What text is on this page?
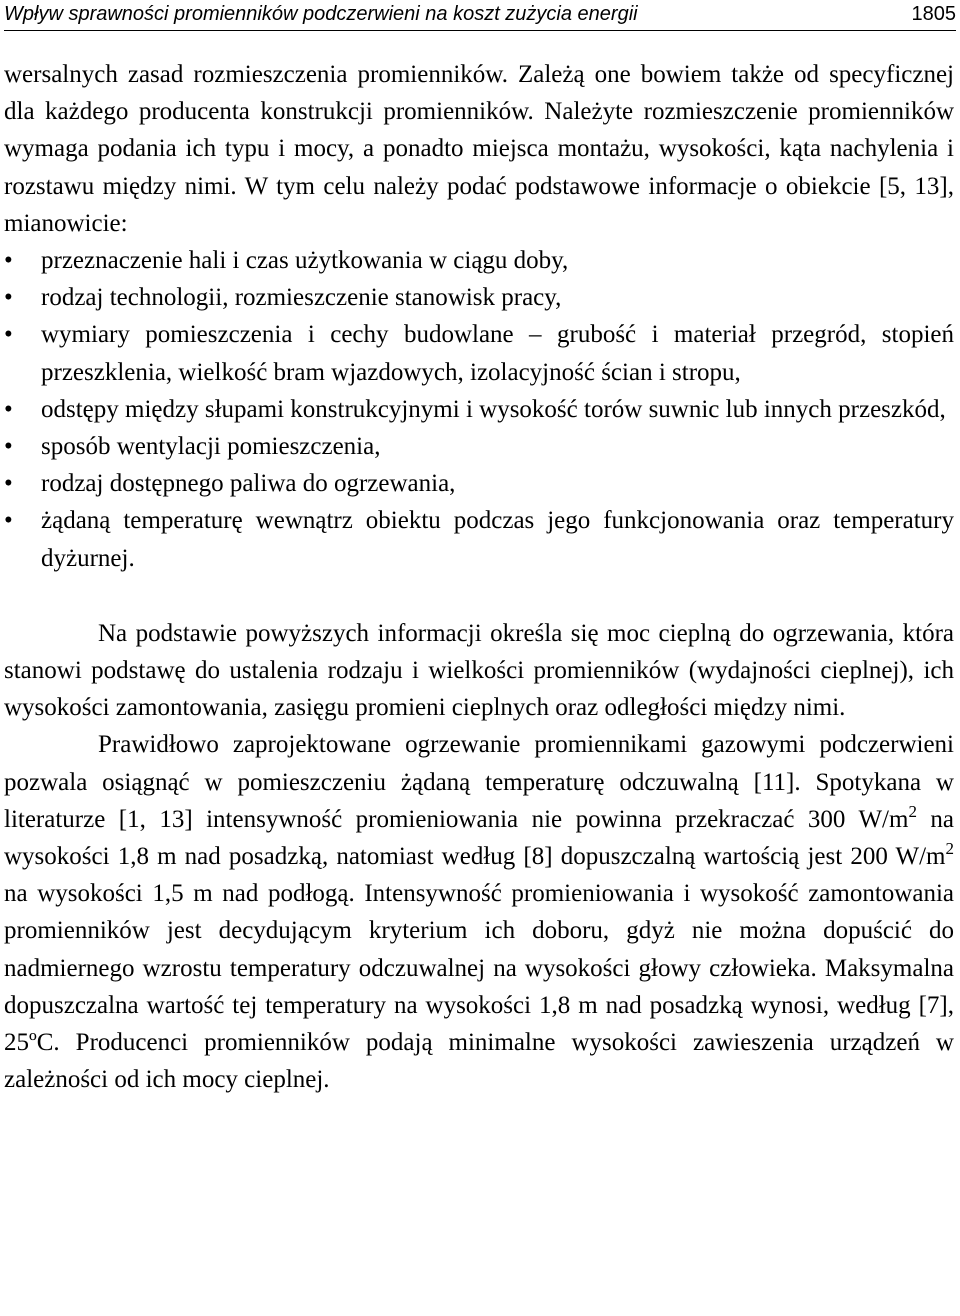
Wpływ sprawności promienników podczerwieni na koszt zużycia energii	1805

wersalnych zasad rozmieszczenia promienników. Zależą one bowiem także od specyficznej dla każdego producenta konstrukcji promienników. Należyte rozmieszczenie promienników wymaga podania ich typu i mocy, a ponadto miejsca montażu, wysokości, kąta nachylenia i rozstawu między nimi. W tym celu należy podać podstawowe informacje o obiekcie [5, 13], mianowicie:

• przeznaczenie hali i czas użytkowania w ciągu doby,
• rodzaj technologii, rozmieszczenie stanowisk pracy,
• wymiary pomieszczenia i cechy budowlane – grubość i materiał przegród, stopień przeszklenia, wielkość bram wjazdowych, izolacyjność ścian i stropu,
• odstępy między słupami konstrukcyjnymi i wysokość torów suwnic lub innych przeszkód,
• sposób wentylacji pomieszczenia,
• rodzaj dostępnego paliwa do ogrzewania,
• żądaną temperaturę wewnątrz obiektu podczas jego funkcjonowania oraz temperatury dyżurnej.

Na podstawie powyższych informacji określa się moc cieplną do ogrzewania, która stanowi podstawę do ustalenia rodzaju i wielkości promienników (wydajności cieplnej), ich wysokości zamontowania, zasięgu promieni cieplnych oraz odległości między nimi.

Prawidłowo zaprojektowane ogrzewanie promiennikami gazowymi podczerwieni pozwala osiągnąć w pomieszczeniu żądaną temperaturę odczuwalną [11]. Spotykana w literaturze [1, 13] intensywność promieniowania nie powinna przekraczać 300 $W/m^2$ na wysokości 1,8 m nad posadzką, natomiast według [8] dopuszczalną wartością jest 200 $W/m^2$ na wysokości 1,5 m nad podłogą. Intensywność promieniowania i wysokość zamontowania promienników jest decydującym kryterium ich doboru, gdyż nie można dopuścić do nadmiernego wzrostu temperatury odczuwalnej na wysokości głowy człowieka. Maksymalna dopuszczalna wartość tej temperatury na wysokości 1,8 m nad posadzką wynosi, według [7], 25ºC. Producenci promienników podają minimalne wysokości zawieszenia urządzeń w zależności od ich mocy cieplnej.
